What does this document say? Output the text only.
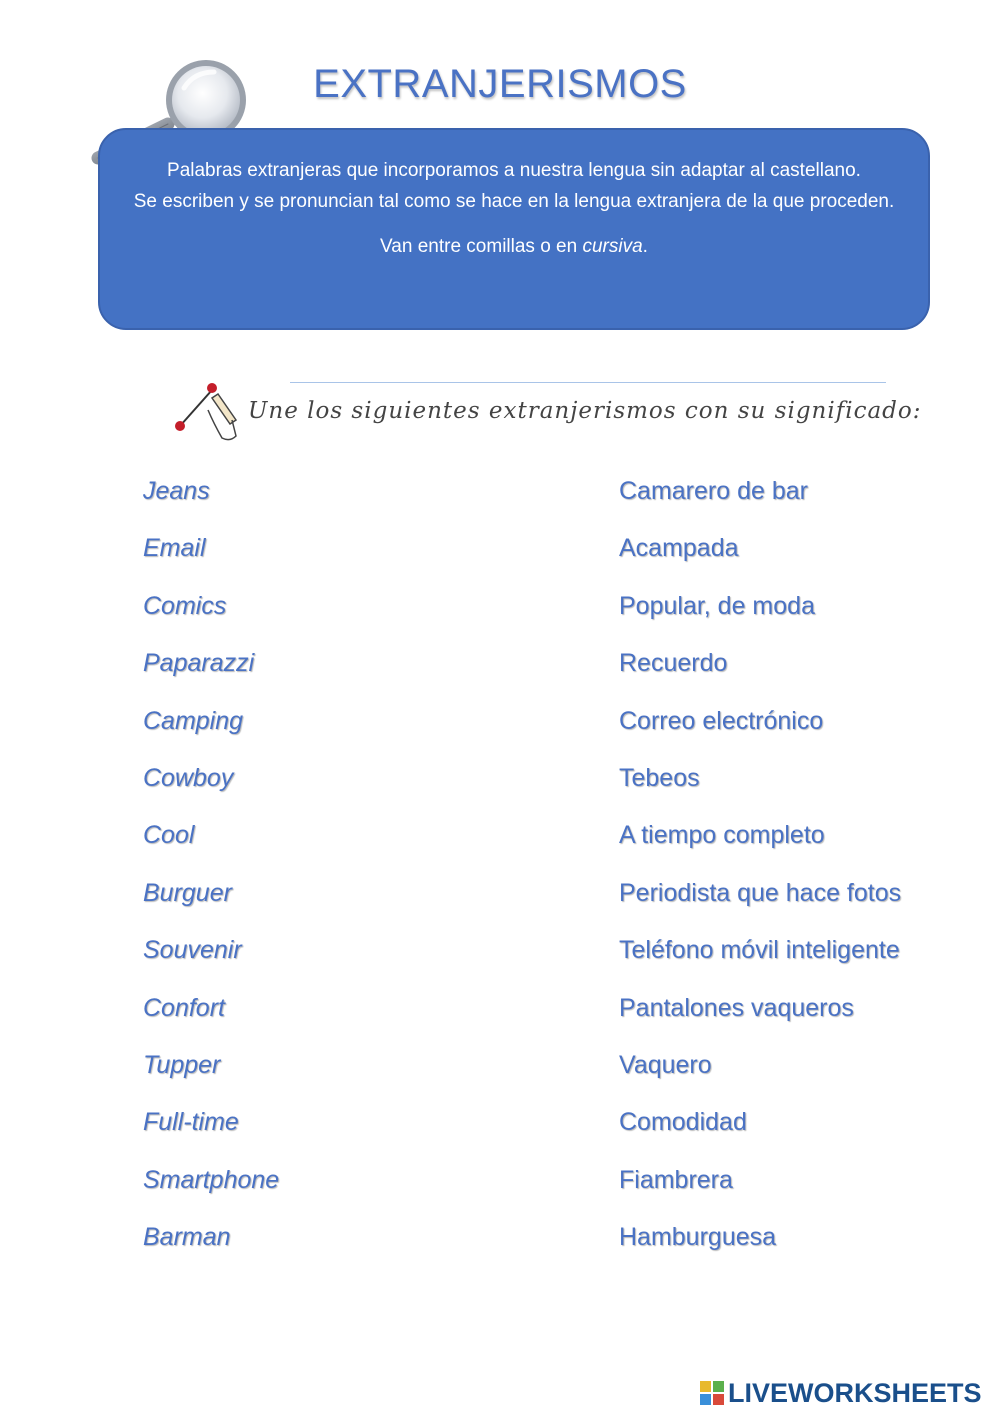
EXTRANJERISMOS

Palabras extranjeras que incorporamos a nuestra lengua sin adaptar al castellano.

Se escriben y se pronuncian tal como se hace en la lengua extranjera de la que proceden.

Van entre comillas o en cursiva.

Une los siguientes extranjerismos con su significado:
Jeans
Email
Comics
Paparazzi
Camping
Cowboy
Cool
Burguer
Souvenir
Confort
Tupper
Full-time
Smartphone
Barman
Camarero de bar
Acampada
Popular, de moda
Recuerdo
Correo electrónico
Tebeos
A tiempo completo
Periodista que hace fotos
Teléfono móvil inteligente
Pantalones vaqueros
Vaquero
Comodidad
Fiambrera
Hamburguesa
LIVEWORKSHEETS
